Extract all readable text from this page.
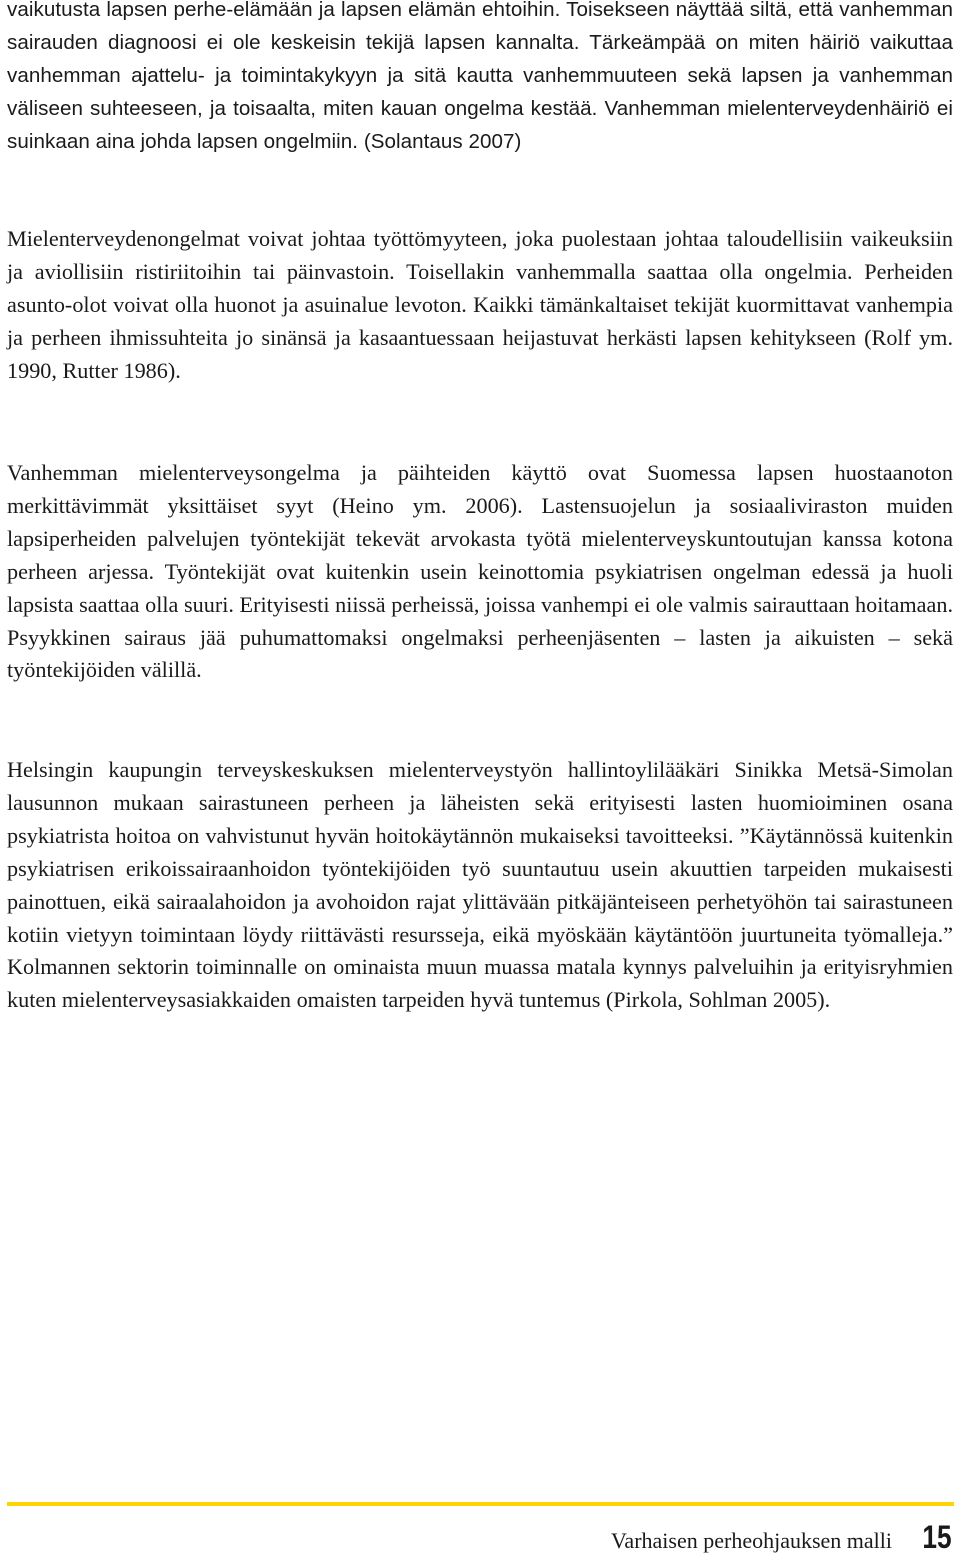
vaikutusta lapsen perhe-elämään ja lapsen elämän ehtoihin. Toisekseen näyttää siltä, että vanhemman sairauden diagnoosi ei ole keskeisin tekijä lapsen kannalta. Tärkeämpää on miten häiriö vaikuttaa vanhemman ajattelu- ja toimintakykyyn ja sitä kautta vanhemmuuteen sekä lapsen ja vanhemman väliseen suhteeseen, ja toisaalta, miten kauan ongelma kestää. Vanhemman mielenterveydenhäiriö ei suinkaan aina johda lapsen ongelmiin. (Solantaus 2007)

Mielenterveydenongelmat voivat johtaa työttömyyteen, joka puolestaan johtaa taloudellisiin vaikeuksiin ja aviollisiin ristiriitoihin tai päinvastoin. Toisellakin vanhemmalla saattaa olla ongelmia. Perheiden asunto-olot voivat olla huonot ja asuinalue levoton. Kaikki tämänkaltaiset tekijät kuormittavat vanhempia ja perheen ihmissuhteita jo sinänsä ja kasaantuessaan heijastuvat herkästi lapsen kehitykseen (Rolf ym. 1990, Rutter 1986).

Vanhemman mielenterveysongelma ja päihteiden käyttö ovat Suomessa lapsen huostaanoton merkittävimmät yksittäiset syyt (Heino ym. 2006). Lastensuojelun ja sosiaaliviraston muiden lapsiperheiden palvelujen työntekijät tekevät arvokasta työtä mielenterveyskuntoutujan kanssa kotona perheen arjessa. Työntekijät ovat kuitenkin usein keinottomia psykiatrisen ongelman edessä ja huoli lapsista saattaa olla suuri. Erityisesti niissä perheissä, joissa vanhempi ei ole valmis sairauttaan hoitamaan. Psyykkinen sairaus jää puhumattomaksi ongelmaksi perheenjäsenten – lasten ja aikuisten – sekä työntekijöiden välillä.

Helsingin kaupungin terveyskeskuksen mielenterveystyön hallintoylilääkäri Sinikka Metsä-Simolan lausunnon mukaan sairastuneen perheen ja läheisten sekä erityisesti lasten huomioiminen osana psykiatrista hoitoa on vahvistunut hyvän hoitokäytännön mukaiseksi tavoitteeksi. ”Käytännössä kuitenkin psykiatrisen erikoissairaanhoidon työntekijöiden työ suuntautuu usein akuuttien tarpeiden mukaisesti painottuen, eikä sairaalahoidon ja avohoidon rajat ylittävään pitkäjänteiseen perhetyöhön tai sairastuneen kotiin vietyyn toimintaan löydy riittävästi resursseja, eikä myöskään käytäntöön juurtuneita työmalleja.” Kolmannen sektorin toiminnalle on ominaista muun muassa matala kynnys palveluihin ja erityisryhmien kuten mielenterveysasiakkaiden omaisten tarpeiden hyvä tuntemus (Pirkola, Sohlman 2005).

Varhaisen perheohjauksen malli 15
